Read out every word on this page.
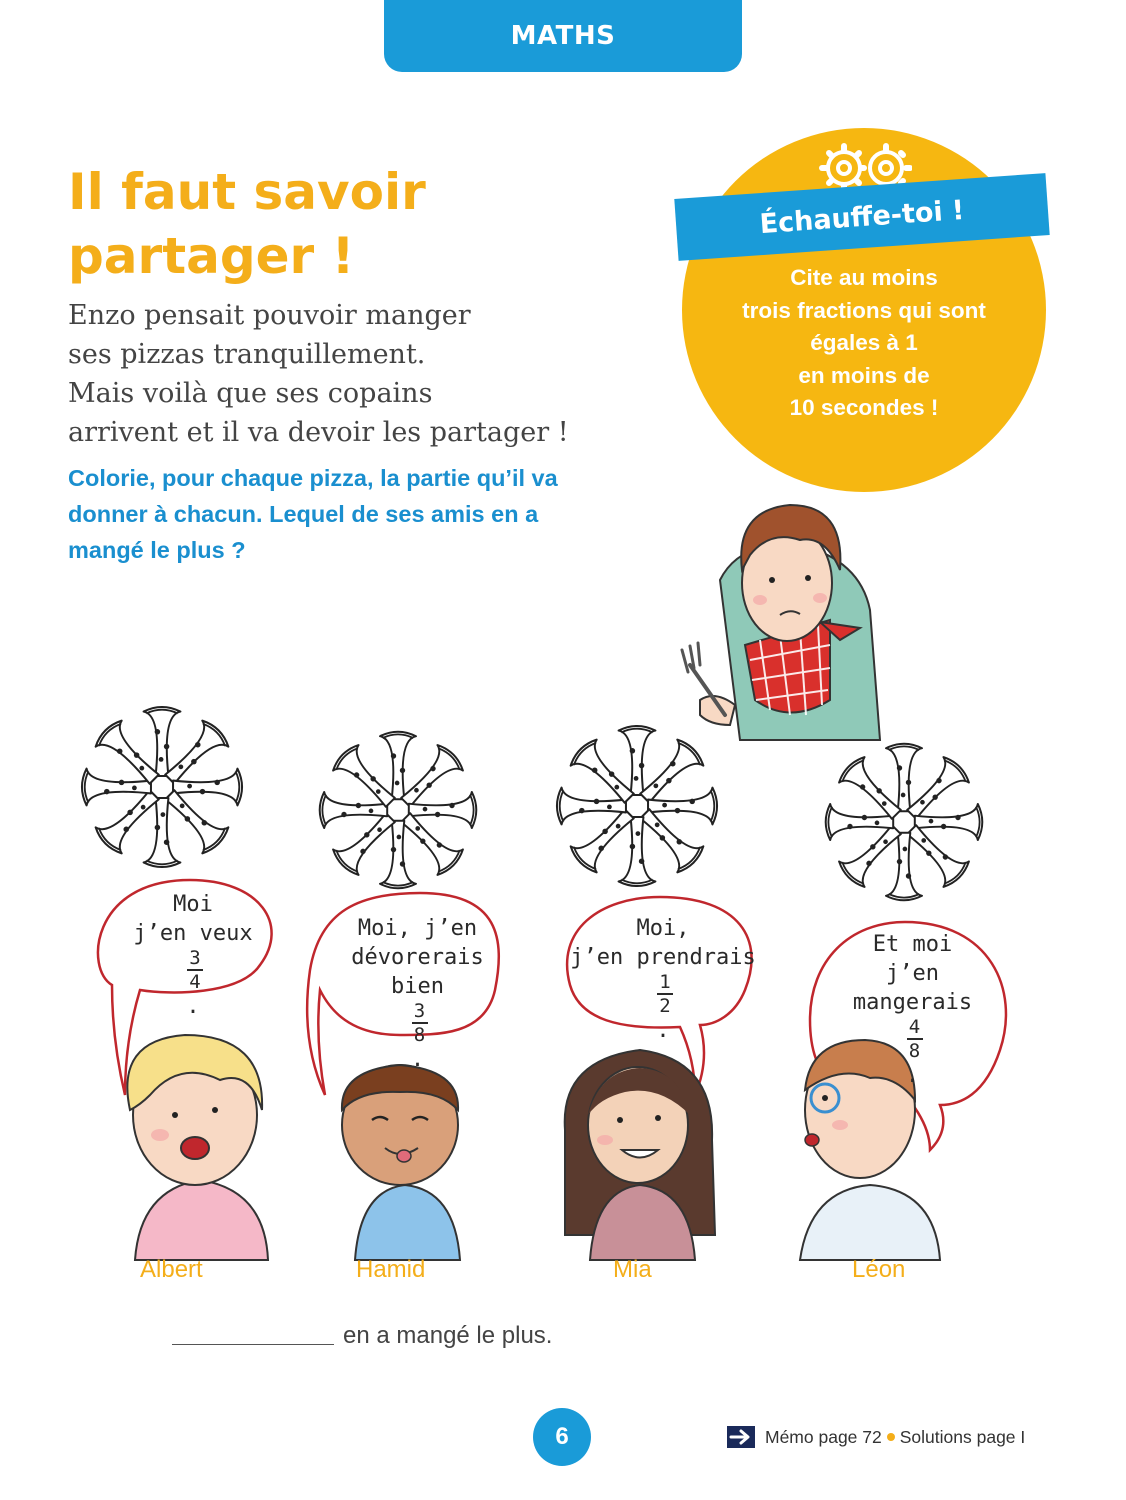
MATHS
Il faut savoir
partager !
Enzo pensait pouvoir manger
ses pizzas tranquillement.
Mais voilà que ses copains
arrivent et il va devoir les partager !
Colorie, pour chaque pizza, la partie qu’il va
donner à chacun. Lequel de ses amis en a
mangé le plus ?
Échauffe-toi !
Cite au moins
trois fractions qui sont
égales à 1
en moins de
10 secondes !
Moi
j’en veux
3
4
.
Moi, j’en
dévorerais
bien
3
8
.
Moi,
j’en prendrais
1
2
.
Et moi
j’en
mangerais
4
8
.
Albert	Hamid	Mia	Léon
en a mangé le plus.
6	Mémo page 72 Solutions page I
